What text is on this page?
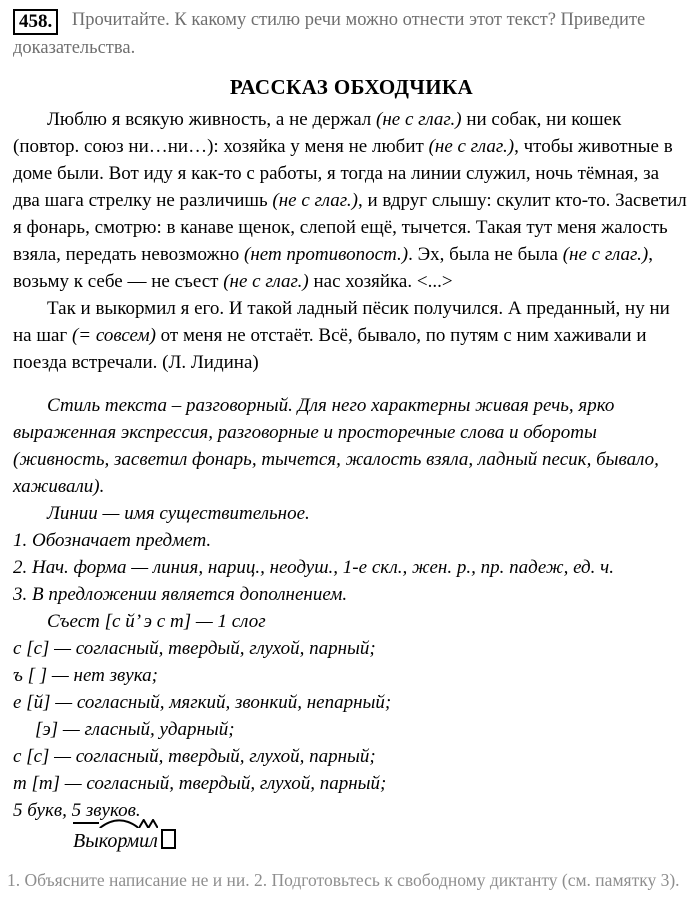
458. Прочитайте. К какому стилю речи можно отнести этот текст? Приведите доказательства.
РАССКАЗ ОБХОДЧИКА

Люблю я всякую живность, а не держал (не с глаг.) ни собак, ни кошек (повтор. союз ни…ни…): хозяйка у меня не любит (не с глаг.), чтобы животные в доме были. Вот иду я как-то с работы, я тогда на линии служил, ночь тёмная, за два шага стрелку не различишь (не с глаг.), и вдруг слышу: скулит кто-то. Засветил я фонарь, смотрю: в канаве щенок, слепой ещё, тычется. Такая тут меня жалость взяла, передать невозможно (нет противопост.). Эх, была не была (не с глаг.), возьму к себе — не съест (не с глаг.) нас хозяйка. <...>

Так и выкормил я его. И такой ладный пёсик получился. А преданный, ну ни на шаг (= совсем) от меня не отстаёт. Всё, бывало, по путям с ним хаживали и поезда встречали. (Л. Лидина)

Стиль текста – разговорный. Для него характерны живая речь, ярко выраженная экспрессия, разговорные и просторечные слова и обороты (живность, засветил фонарь, тычется, жалость взяла, ладный песик, бывало, хаживали).

Линии — имя существительное.

1. Обозначает предмет.

2. Нач. форма — линия, нариц., неодуш., 1-е скл., жен. р., пр. падеж, ед. ч.

3. В предложении является дополнением.

Съест [с й’ э с т] — 1 слог

с [с] — согласный, твердый, глухой, парный;

ъ [ ] — нет звука;

е [й] — согласный, мягкий, звонкий, непарный;

[э] — гласный, ударный;

с [с] — согласный, твердый, глухой, парный;

т [т] — согласный, твердый, глухой, парный;

5 букв, 5 звуков.

Вы
корм
ил
1. Объясните написание не и ни. 2. Подготовьтесь к свободному диктанту (см. памятку 3).
